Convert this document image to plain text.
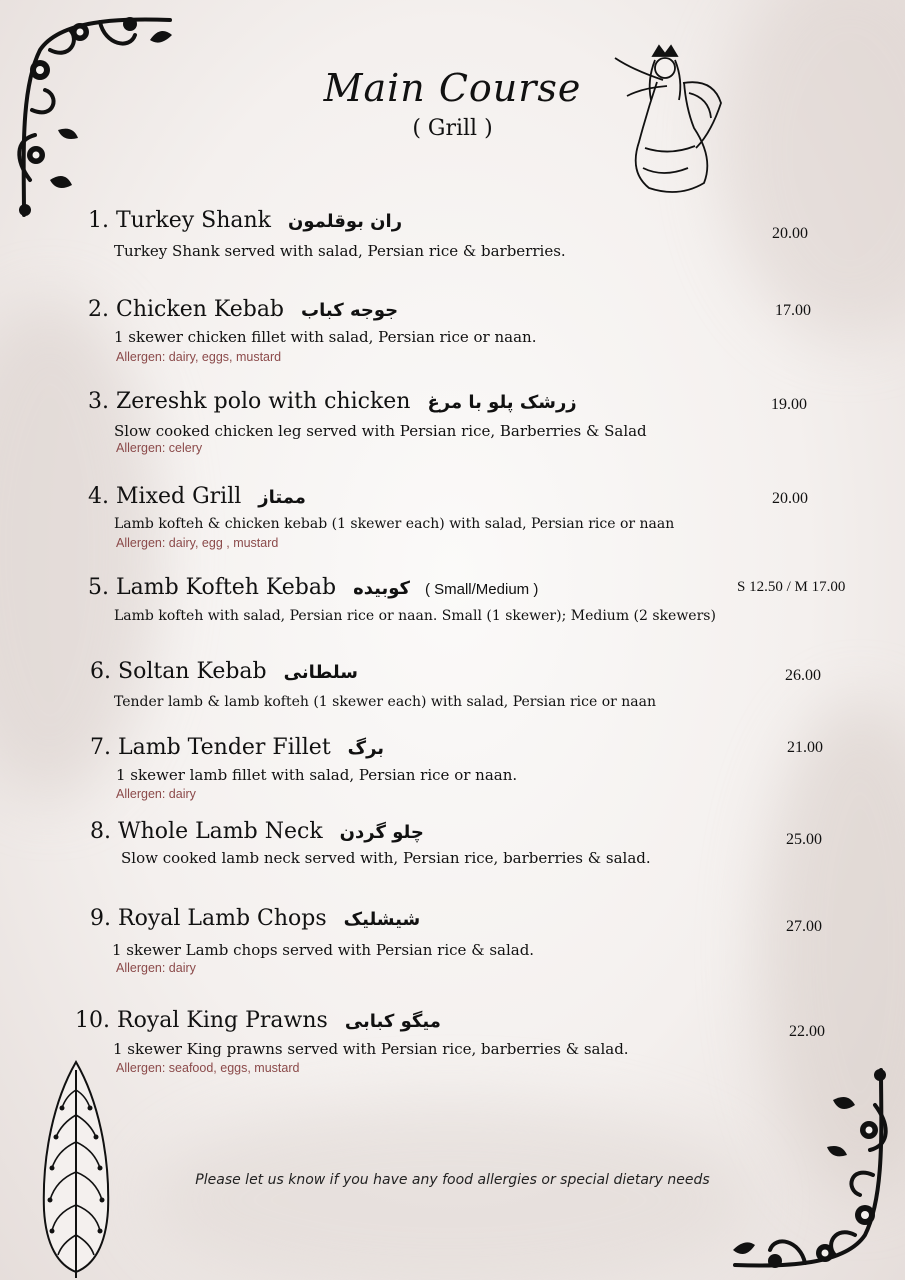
Main Course
( Grill )
1. Turkey Shank ران بوقلمون
Turkey Shank served with salad, Persian rice & barberries.
20.00
2. Chicken Kebab جوجه کباب
1 skewer chicken fillet with salad, Persian rice or naan.
Allergen: dairy, eggs, mustard
17.00
3. Zereshk polo with chicken زرشک پلو با مرغ
Slow cooked chicken leg served with Persian rice, Barberries & Salad
Allergen: celery
19.00
4. Mixed Grill ممتاز
Lamb kofteh & chicken kebab (1 skewer each) with salad, Persian rice or naan
Allergen: dairy, egg , mustard
20.00
5. Lamb Kofteh Kebab کوبیده ( Small/Medium )
Lamb kofteh with salad, Persian rice or naan. Small (1 skewer); Medium (2 skewers)
S 12.50 / M 17.00
6. Soltan Kebab سلطانی
Tender lamb & lamb kofteh (1 skewer each) with salad, Persian rice or naan
26.00
7. Lamb Tender Fillet برگ
1 skewer lamb fillet with salad, Persian rice or naan.
Allergen: dairy
21.00
8. Whole Lamb Neck چلو گردن
Slow cooked lamb neck served with, Persian rice, barberries & salad.
25.00
9. Royal Lamb Chops شیشلیک
1 skewer Lamb chops served with Persian rice & salad.
Allergen: dairy
27.00
10. Royal King Prawns میگو کبابی
1 skewer King prawns served with Persian rice, barberries & salad.
Allergen: seafood, eggs, mustard
22.00
Please let us know if you have any food allergies or special dietary needs
